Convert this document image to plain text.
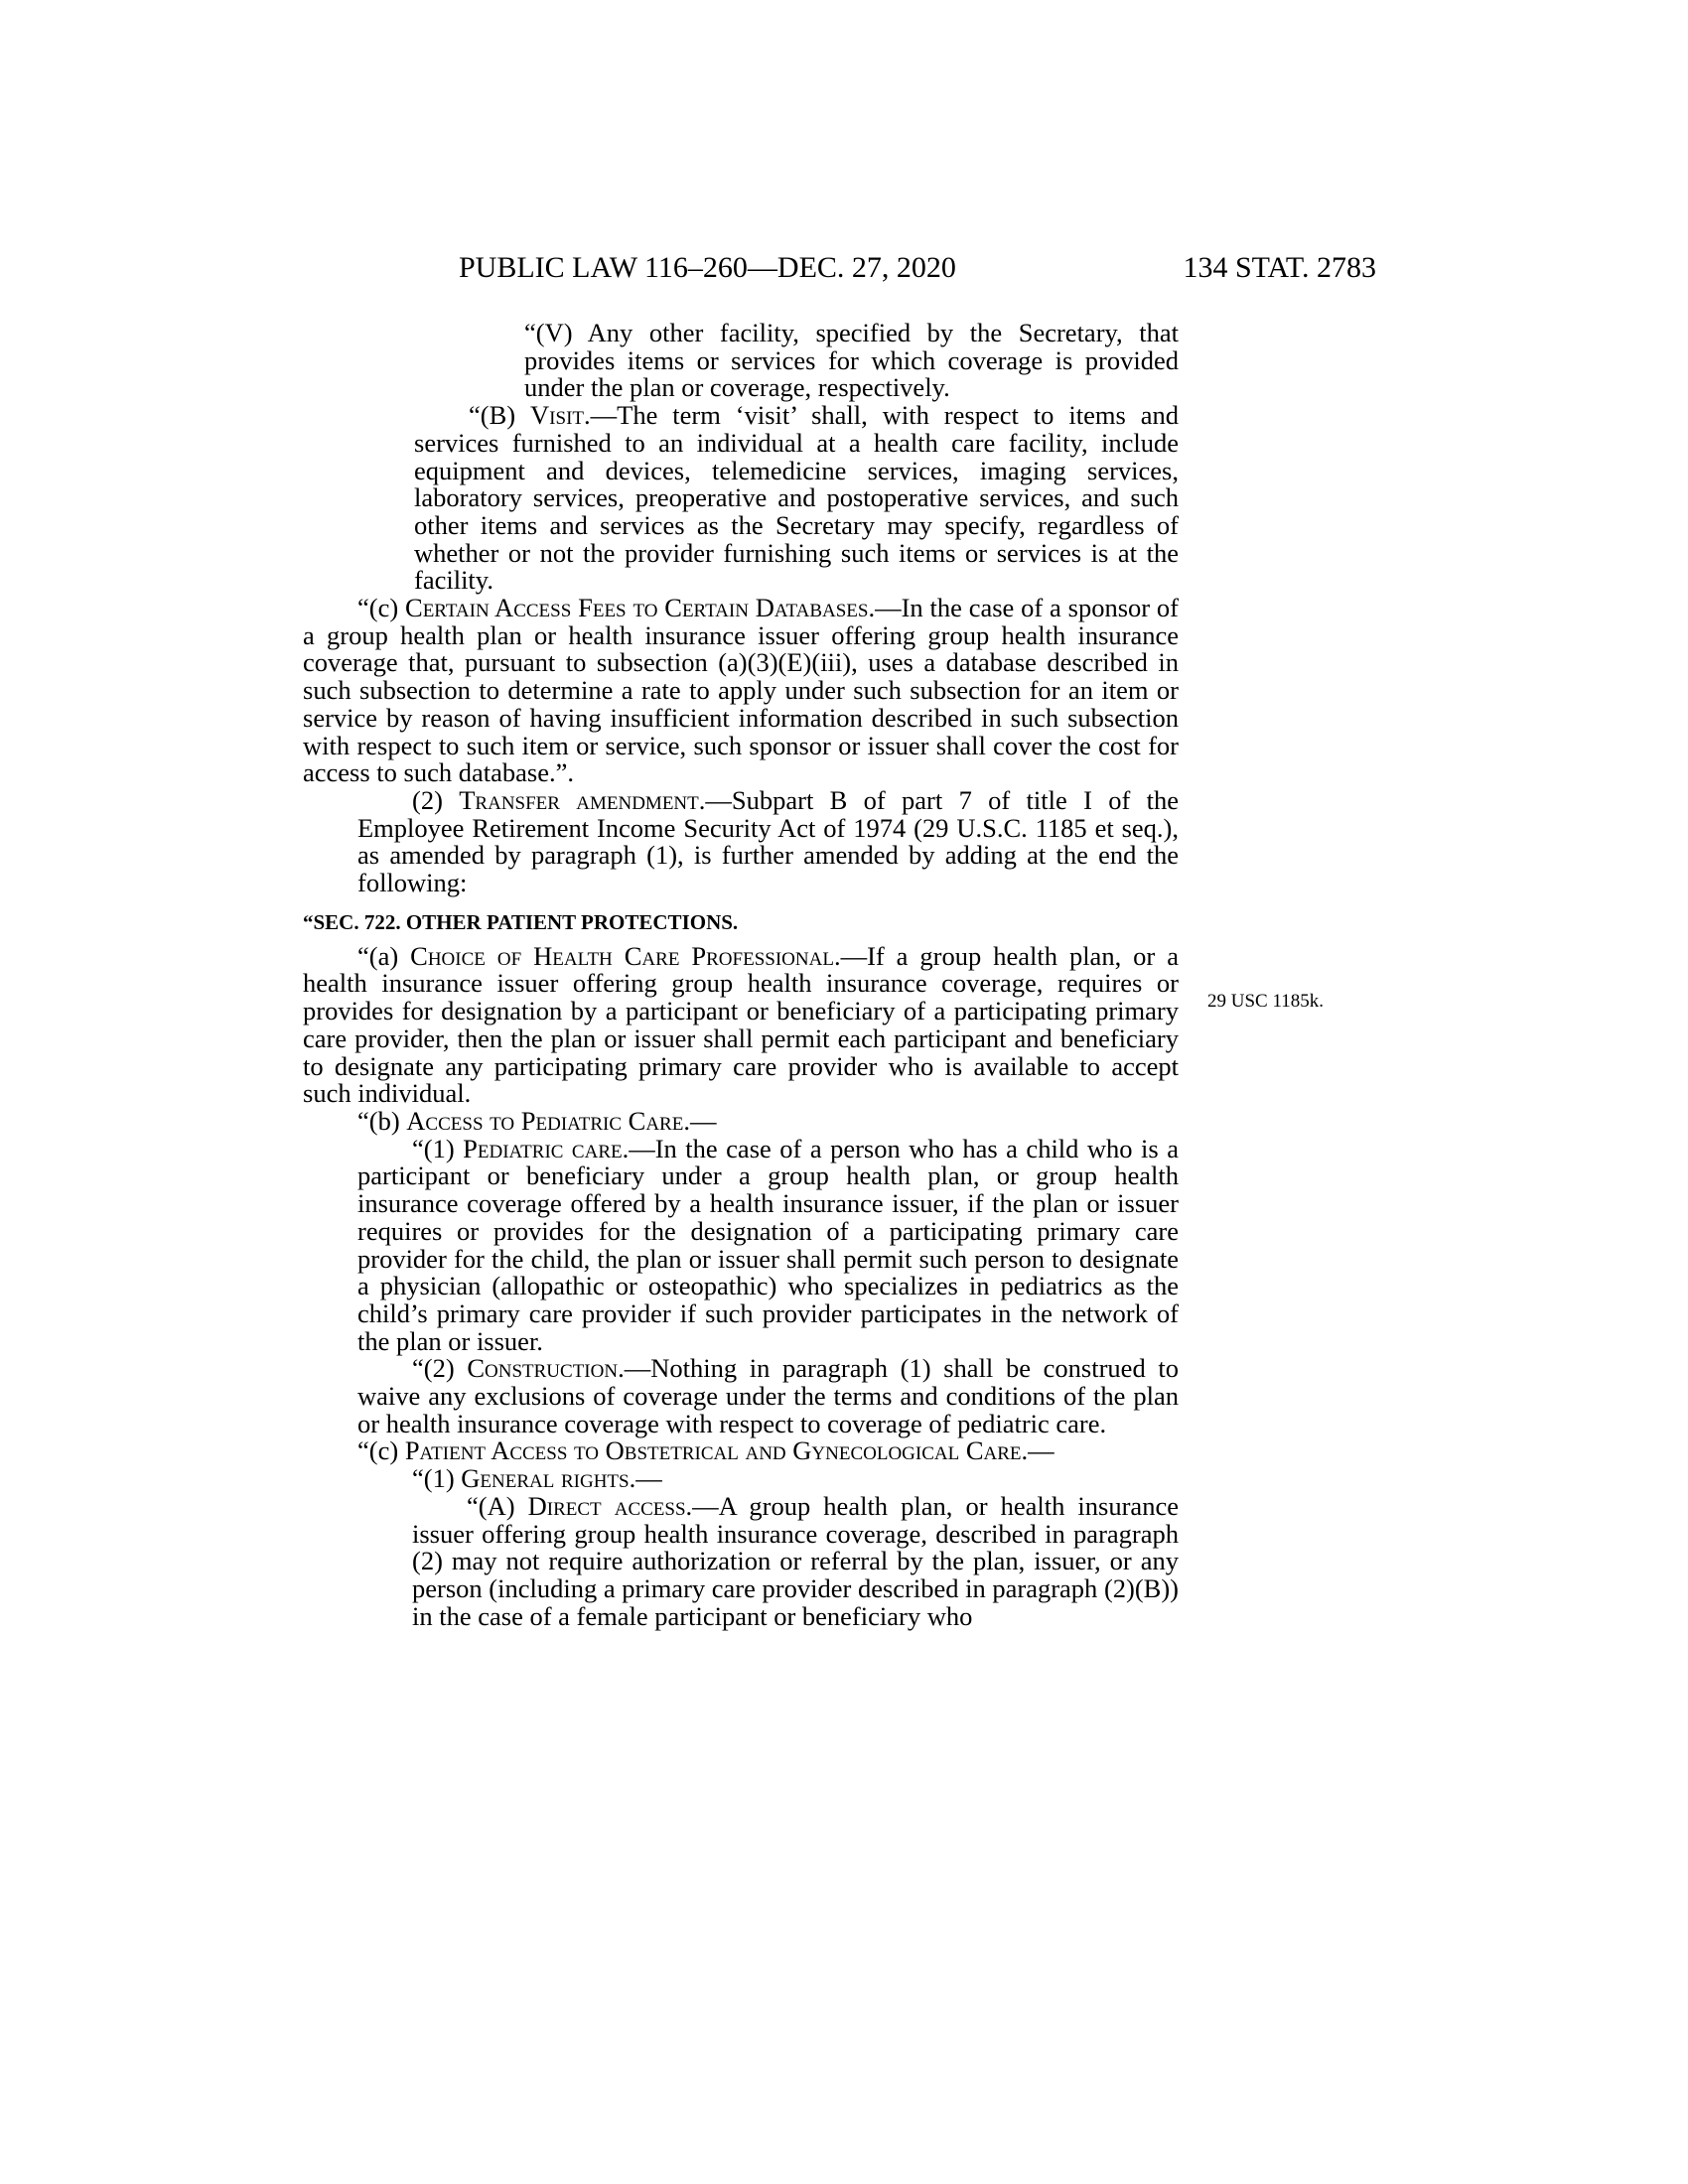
PUBLIC LAW 116–260—DEC. 27, 2020	134 STAT. 2783
29 USC 1185k.

“(V) Any other facility, specified by the Secretary, that provides items or services for which coverage is provided under the plan or coverage, respectively.

“(B) Visit.—The term ‘visit’ shall, with respect to items and services furnished to an individual at a health care facility, include equipment and devices, telemedicine services, imaging services, laboratory services, preoperative and postoperative services, and such other items and services as the Secretary may specify, regardless of whether or not the provider furnishing such items or services is at the facility.

“(c) Certain Access Fees to Certain Databases.—In the case of a sponsor of a group health plan or health insurance issuer offering group health insurance coverage that, pursuant to subsection (a)(3)(E)(iii), uses a database described in such subsection to determine a rate to apply under such subsection for an item or service by reason of having insufficient information described in such subsection with respect to such item or service, such sponsor or issuer shall cover the cost for access to such database.”.

(2) Transfer amendment.—Subpart B of part 7 of title I of the Employee Retirement Income Security Act of 1974 (29 U.S.C. 1185 et seq.), as amended by paragraph (1), is further amended by adding at the end the following:

“SEC. 722. OTHER PATIENT PROTECTIONS.

“(a) Choice of Health Care Professional.—If a group health plan, or a health insurance issuer offering group health insurance coverage, requires or provides for designation by a participant or beneficiary of a participating primary care provider, then the plan or issuer shall permit each participant and beneficiary to designate any participating primary care provider who is available to accept such individual.

“(b) Access to Pediatric Care.—

“(1) Pediatric care.—In the case of a person who has a child who is a participant or beneficiary under a group health plan, or group health insurance coverage offered by a health insurance issuer, if the plan or issuer requires or provides for the designation of a participating primary care provider for the child, the plan or issuer shall permit such person to designate a physician (allopathic or osteopathic) who specializes in pediatrics as the child’s primary care provider if such provider participates in the network of the plan or issuer.

“(2) Construction.—Nothing in paragraph (1) shall be construed to waive any exclusions of coverage under the terms and conditions of the plan or health insurance coverage with respect to coverage of pediatric care.

“(c) Patient Access to Obstetrical and Gynecological Care.—

“(1) General rights.—

“(A) Direct access.—A group health plan, or health insurance issuer offering group health insurance coverage, described in paragraph (2) may not require authorization or referral by the plan, issuer, or any person (including a primary care provider described in paragraph (2)(B)) in the case of a female participant or beneficiary who
